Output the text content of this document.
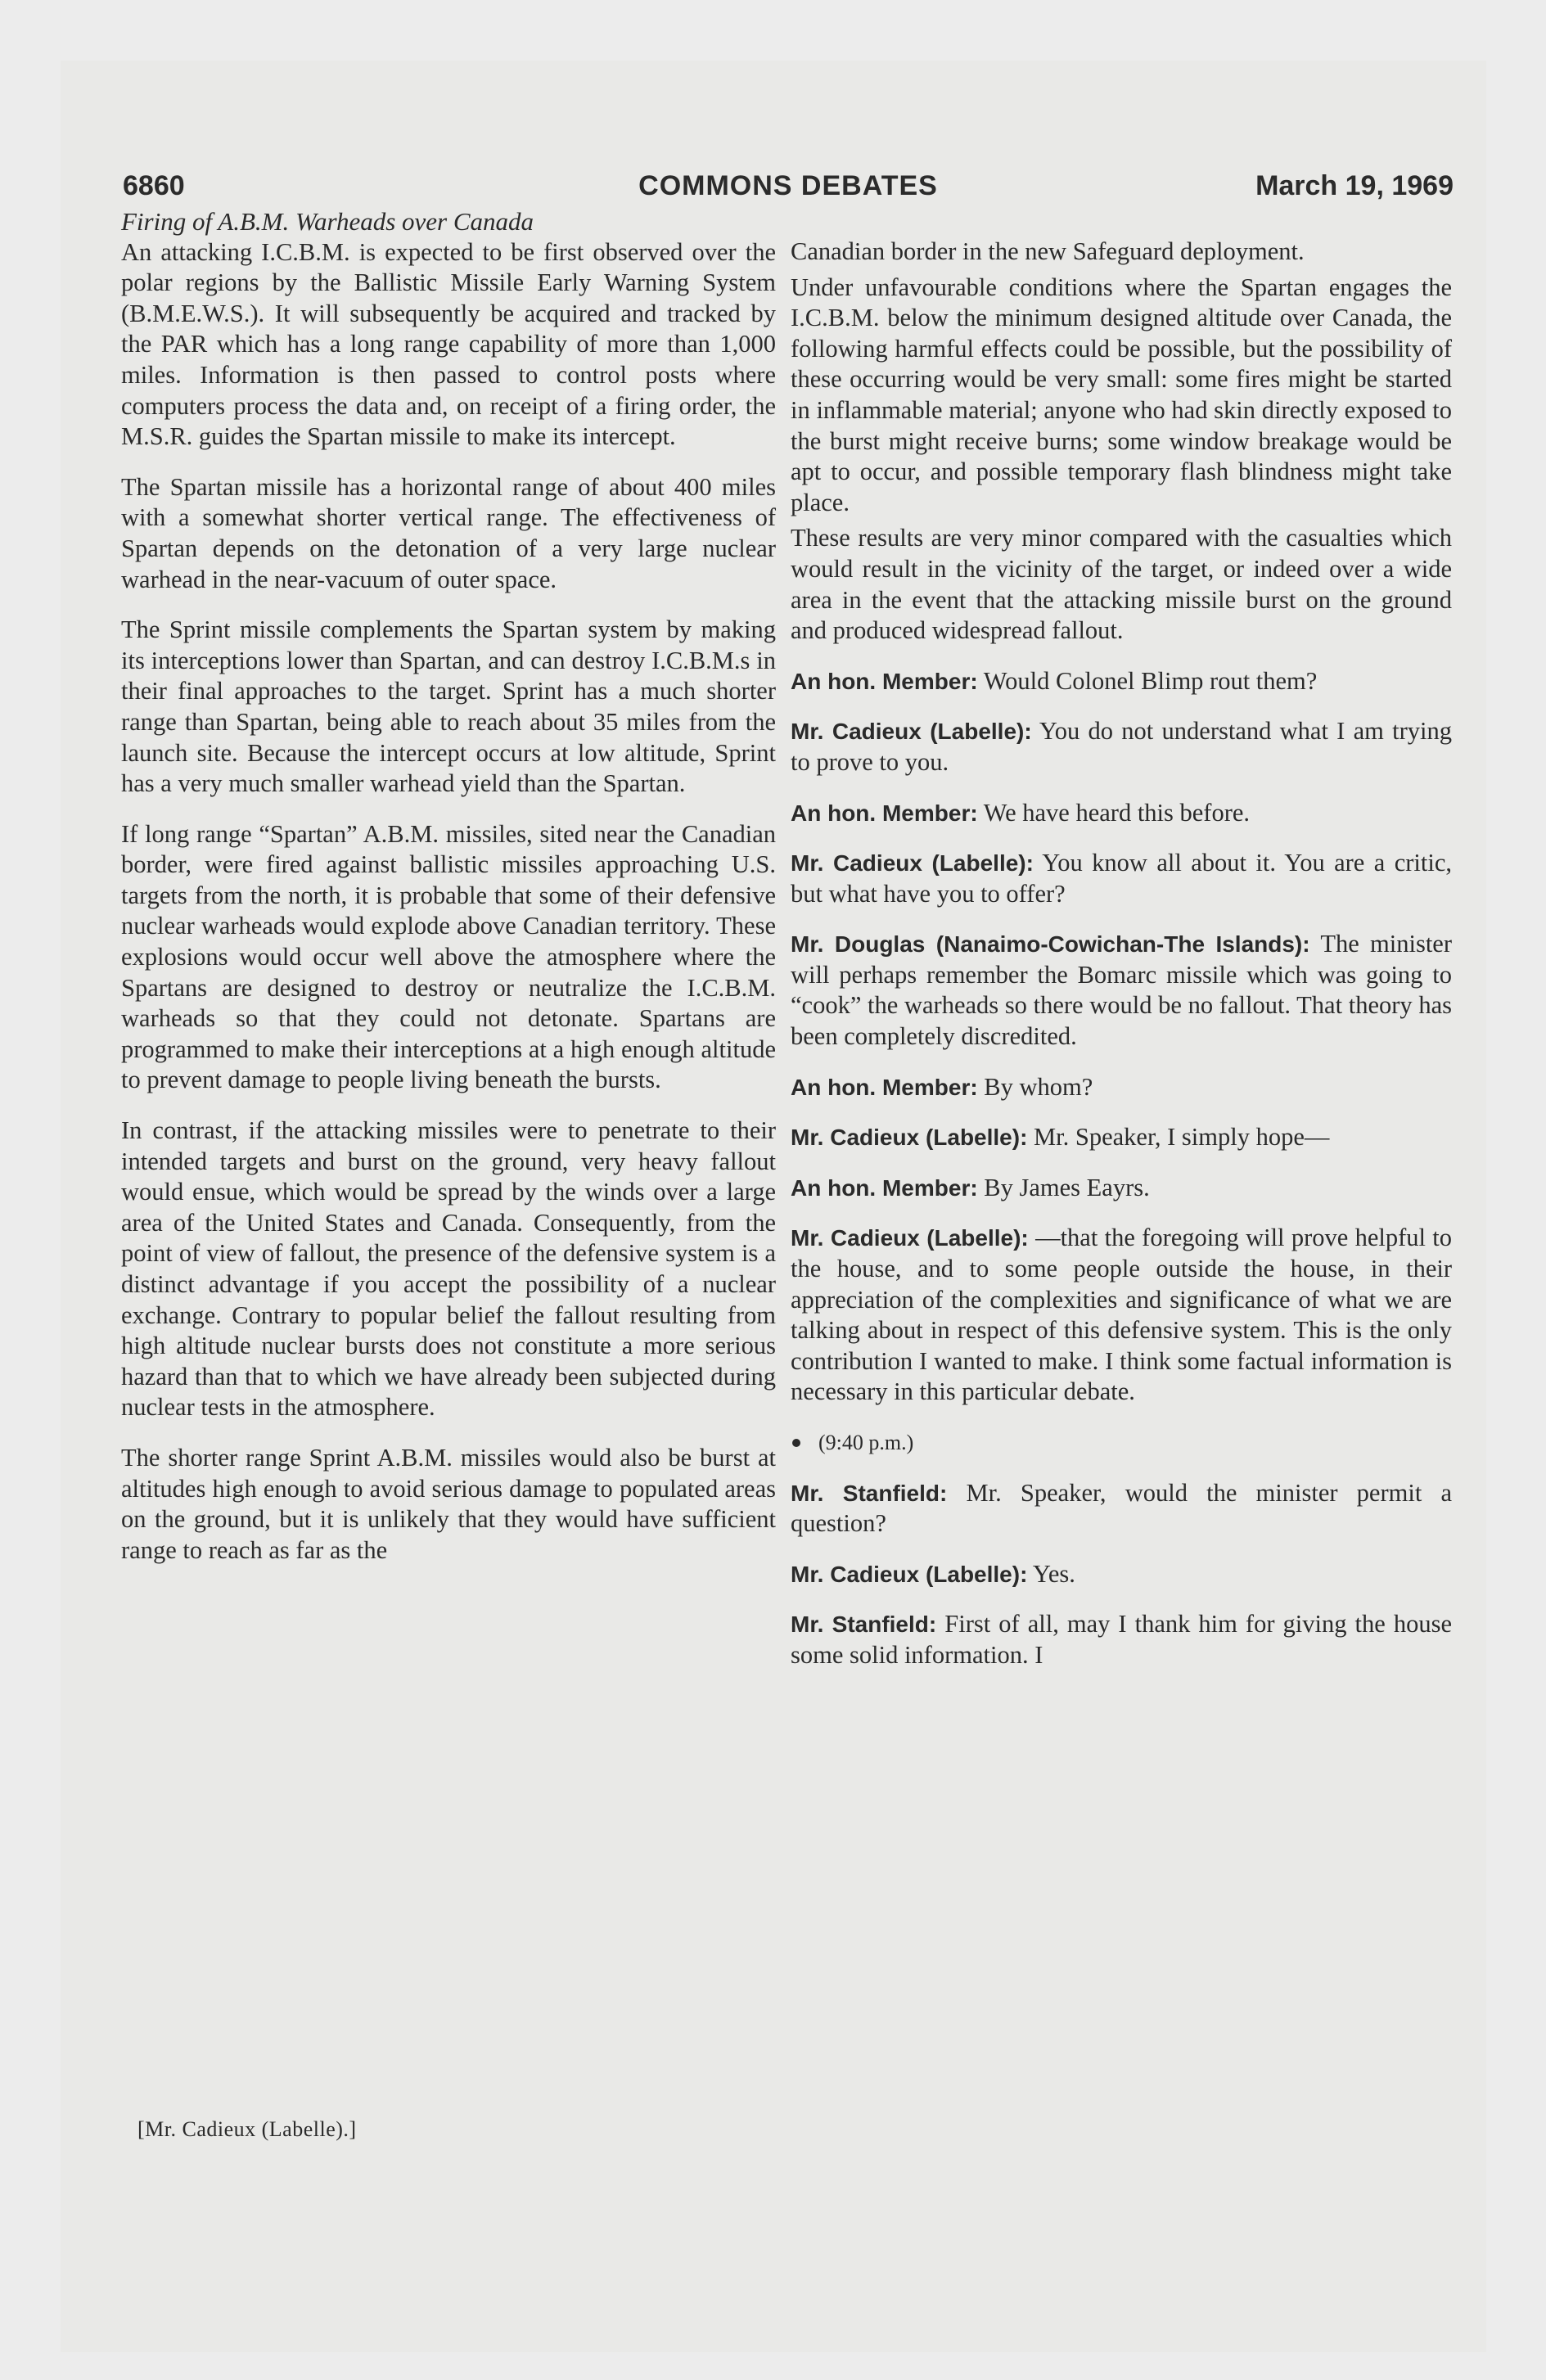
6860	COMMONS DEBATES	March 19, 1969
Firing of A.B.M. Warheads over Canada

An attacking I.C.B.M. is expected to be first observed over the polar regions by the Ballistic Missile Early Warning System (B.M.E.W.S.). It will subsequently be acquired and tracked by the PAR which has a long range capability of more than 1,000 miles. Information is then passed to control posts where computers process the data and, on receipt of a firing order, the M.S.R. guides the Spartan missile to make its intercept.

The Spartan missile has a horizontal range of about 400 miles with a somewhat shorter vertical range. The effectiveness of Spartan depends on the detonation of a very large nuclear warhead in the near-vacuum of outer space.

The Sprint missile complements the Spartan system by making its interceptions lower than Spartan, and can destroy I.C.B.M.s in their final approaches to the target. Sprint has a much shorter range than Spartan, being able to reach about 35 miles from the launch site. Because the intercept occurs at low altitude, Sprint has a very much smaller warhead yield than the Spartan.

If long range “Spartan” A.B.M. missiles, sited near the Canadian border, were fired against ballistic missiles approaching U.S. targets from the north, it is probable that some of their defensive nuclear warheads would explode above Canadian territory. These explosions would occur well above the atmosphere where the Spartans are designed to destroy or neutralize the I.C.B.M. warheads so that they could not detonate. Spartans are programmed to make their interceptions at a high enough altitude to prevent damage to people living beneath the bursts.

In contrast, if the attacking missiles were to penetrate to their intended targets and burst on the ground, very heavy fallout would ensue, which would be spread by the winds over a large area of the United States and Canada. Consequently, from the point of view of fallout, the presence of the defensive system is a distinct advantage if you accept the possibility of a nuclear exchange. Contrary to popular belief the fallout resulting from high altitude nuclear bursts does not constitute a more serious hazard than that to which we have already been subjected during nuclear tests in the atmosphere.

The shorter range Sprint A.B.M. missiles would also be burst at altitudes high enough to avoid serious damage to populated areas on the ground, but it is unlikely that they would have sufficient range to reach as far as the

[Mr. Cadieux (Labelle).]

Canadian border in the new Safeguard deployment.

Under unfavourable conditions where the Spartan engages the I.C.B.M. below the minimum designed altitude over Canada, the following harmful effects could be possible, but the possibility of these occurring would be very small: some fires might be started in inflammable material; anyone who had skin directly exposed to the burst might receive burns; some window breakage would be apt to occur, and possible temporary flash blindness might take place.

These results are very minor compared with the casualties which would result in the vicinity of the target, or indeed over a wide area in the event that the attacking missile burst on the ground and produced widespread fallout.

An hon. Member: Would Colonel Blimp rout them?

Mr. Cadieux (Labelle): You do not understand what I am trying to prove to you.

An hon. Member: We have heard this before.

Mr. Cadieux (Labelle): You know all about it. You are a critic, but what have you to offer?

Mr. Douglas (Nanaimo-Cowichan-The Islands): The minister will perhaps remember the Bomarc missile which was going to “cook” the warheads so there would be no fallout. That theory has been completely discredited.

An hon. Member: By whom?

Mr. Cadieux (Labelle): Mr. Speaker, I simply hope—

An hon. Member: By James Eayrs.

Mr. Cadieux (Labelle): —that the foregoing will prove helpful to the house, and to some people outside the house, in their appreciation of the complexities and significance of what we are talking about in respect of this defensive system. This is the only contribution I wanted to make. I think some factual information is necessary in this particular debate.

(9:40 p.m.)

Mr. Stanfield: Mr. Speaker, would the minister permit a question?

Mr. Cadieux (Labelle): Yes.

Mr. Stanfield: First of all, may I thank him for giving the house some solid information. I
